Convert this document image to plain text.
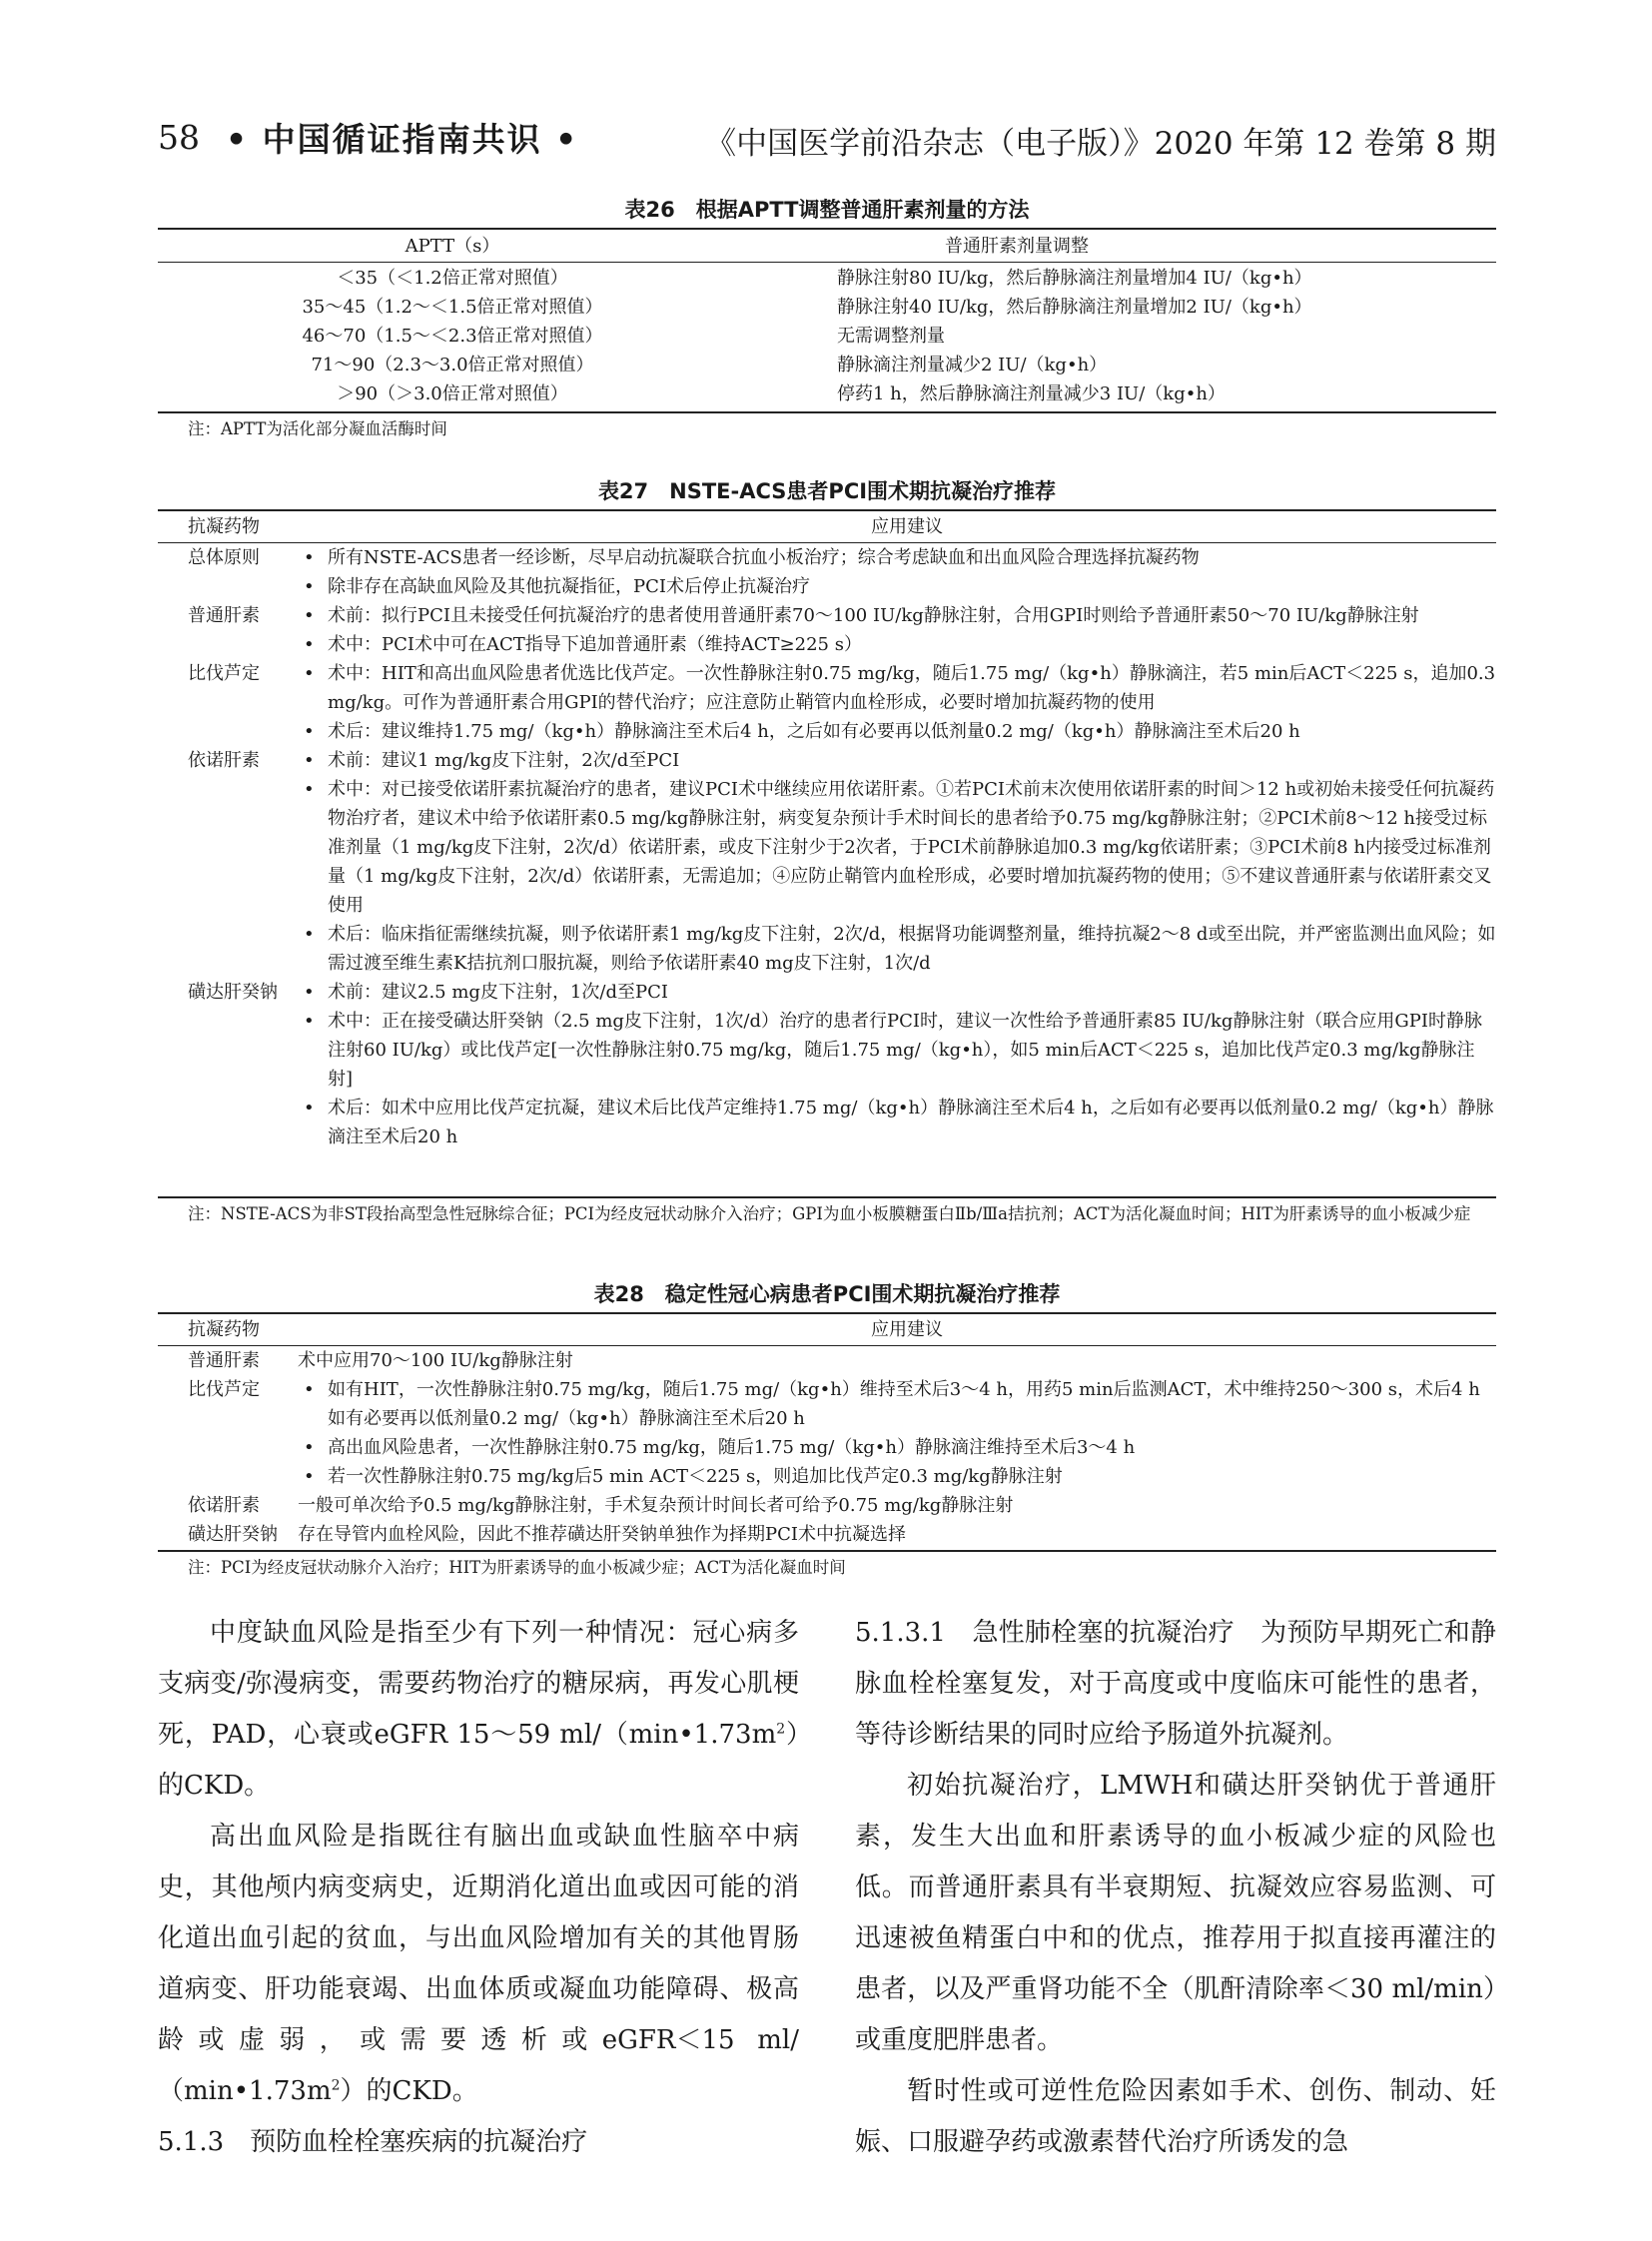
58 • 中国循证指南共识 •	《中国医学前沿杂志（电子版）》2020 年第 12 卷第 8 期
表26　根据APTT调整普通肝素剂量的方法
APTT（s）	普通肝素剂量调整
＜35（＜1.2倍正常对照值）	静脉注射80 IU/kg，然后静脉滴注剂量增加4 IU/（kg•h）
35～45（1.2～＜1.5倍正常对照值）	静脉注射40 IU/kg，然后静脉滴注剂量增加2 IU/（kg•h）
46～70（1.5～＜2.3倍正常对照值）	无需调整剂量
71～90（2.3～3.0倍正常对照值）	静脉滴注剂量减少2 IU/（kg•h）
＞90（＞3.0倍正常对照值）	停药1 h，然后静脉滴注剂量减少3 IU/（kg•h）
注：APTT为活化部分凝血活酶时间
表27　NSTE-ACS患者PCI围术期抗凝治疗推荐
抗凝药物	应用建议
总体原则	• 所有NSTE-ACS患者一经诊断，尽早启动抗凝联合抗血小板治疗；综合考虑缺血和出血风险合理选择抗凝药物
• 除非存在高缺血风险及其他抗凝指征，PCI术后停止抗凝治疗
普通肝素	• 术前：拟行PCI且未接受任何抗凝治疗的患者使用普通肝素70～100 IU/kg静脉注射，合用GPI时则给予普通肝素50～70 IU/kg静脉注射
• 术中：PCI术中可在ACT指导下追加普通肝素（维持ACT≥225 s）
比伐芦定	• 术中：HIT和高出血风险患者优选比伐芦定。一次性静脉注射0.75 mg/kg，随后1.75 mg/（kg•h）静脉滴注，若5 min后ACT＜225 s，追加0.3 mg/kg。可作为普通肝素合用GPI的替代治疗；应注意防止鞘管内血栓形成，必要时增加抗凝药物的使用
• 术后：建议维持1.75 mg/（kg•h）静脉滴注至术后4 h，之后如有必要再以低剂量0.2 mg/（kg•h）静脉滴注至术后20 h
依诺肝素	• 术前：建议1 mg/kg皮下注射，2次/d至PCI
• 术中：对已接受依诺肝素抗凝治疗的患者，建议PCI术中继续应用依诺肝素。①若PCI术前末次使用依诺肝素的时间＞12 h或初始未接受任何抗凝药物治疗者，建议术中给予依诺肝素0.5 mg/kg静脉注射，病变复杂预计手术时间长的患者给予0.75 mg/kg静脉注射；②PCI术前8～12 h接受过标准剂量（1 mg/kg皮下注射，2次/d）依诺肝素，或皮下注射少于2次者，于PCI术前静脉追加0.3 mg/kg依诺肝素；③PCI术前8 h内接受过标准剂量（1 mg/kg皮下注射，2次/d）依诺肝素，无需追加；④应防止鞘管内血栓形成，必要时增加抗凝药物的使用；⑤不建议普通肝素与依诺肝素交叉使用
• 术后：临床指征需继续抗凝，则予依诺肝素1 mg/kg皮下注射，2次/d，根据肾功能调整剂量，维持抗凝2～8 d或至出院，并严密监测出血风险；如需过渡至维生素K拮抗剂口服抗凝，则给予依诺肝素40 mg皮下注射，1次/d
磺达肝癸钠	• 术前：建议2.5 mg皮下注射，1次/d至PCI
• 术中：正在接受磺达肝癸钠（2.5 mg皮下注射，1次/d）治疗的患者行PCI时，建议一次性给予普通肝素85 IU/kg静脉注射（联合应用GPI时静脉注射60 IU/kg）或比伐芦定[一次性静脉注射0.75 mg/kg，随后1.75 mg/（kg•h），如5 min后ACT＜225 s，追加比伐芦定0.3 mg/kg静脉注射]
• 术后：如术中应用比伐芦定抗凝，建议术后比伐芦定维持1.75 mg/（kg•h）静脉滴注至术后4 h，之后如有必要再以低剂量0.2 mg/（kg•h）静脉滴注至术后20 h
注：NSTE-ACS为非ST段抬高型急性冠脉综合征；PCI为经皮冠状动脉介入治疗；GPI为血小板膜糖蛋白Ⅱb/Ⅲa拮抗剂；ACT为活化凝血时间；HIT为肝素诱导的血小板减少症
表28　稳定性冠心病患者PCI围术期抗凝治疗推荐
抗凝药物	应用建议
普通肝素	术中应用70～100 IU/kg静脉注射
比伐芦定	• 如有HIT，一次性静脉注射0.75 mg/kg，随后1.75 mg/（kg•h）维持至术后3～4 h，用药5 min后监测ACT，术中维持250～300 s，术后4 h如有必要再以低剂量0.2 mg/（kg•h）静脉滴注至术后20 h
• 高出血风险患者，一次性静脉注射0.75 mg/kg，随后1.75 mg/（kg•h）静脉滴注维持至术后3～4 h
• 若一次性静脉注射0.75 mg/kg后5 min ACT＜225 s，则追加比伐芦定0.3 mg/kg静脉注射
依诺肝素	一般可单次给予0.5 mg/kg静脉注射，手术复杂预计时间长者可给予0.75 mg/kg静脉注射
磺达肝癸钠	存在导管内血栓风险，因此不推荐磺达肝癸钠单独作为择期PCI术中抗凝选择
注：PCI为经皮冠状动脉介入治疗；HIT为肝素诱导的血小板减少症；ACT为活化凝血时间

中度缺血风险是指至少有下列一种情况：冠心病多支病变/弥漫病变，需要药物治疗的糖尿病，再发心肌梗死，PAD，心衰或eGFR 15～59 $ml/(\min•1.73m^2)$的CKD。

高出血风险是指既往有脑出血或缺血性脑卒中病史，其他颅内病变病史，近期消化道出血或因可能的消化道出血引起的贫血，与出血风险增加有关的其他胃肠道病变、肝功能衰竭、出血体质或凝血功能障碍、极高龄或虚弱，或需要透析或eGFR＜15 $ml/(\min•1.73m^2)$的CKD。

5.1.3　预防血栓栓塞疾病的抗凝治疗

5.1.3.1　急性肺栓塞的抗凝治疗　 为预防早期死亡和静脉血栓栓塞复发，对于高度或中度临床可能性的患者，等待诊断结果的同时应给予肠道外抗凝剂。

初始抗凝治疗，LMWH和磺达肝癸钠优于普通肝素，发生大出血和肝素诱导的血小板减少症的风险也低。而普通肝素具有半衰期短、抗凝效应容易监测、可迅速被鱼精蛋白中和的优点，推荐用于拟直接再灌注的患者，以及严重肾功能不全（肌酐清除率＜30 ml/min）或重度肥胖患者。

暂时性或可逆性危险因素如手术、创伤、制动、妊娠、口服避孕药或激素替代治疗所诱发的急
